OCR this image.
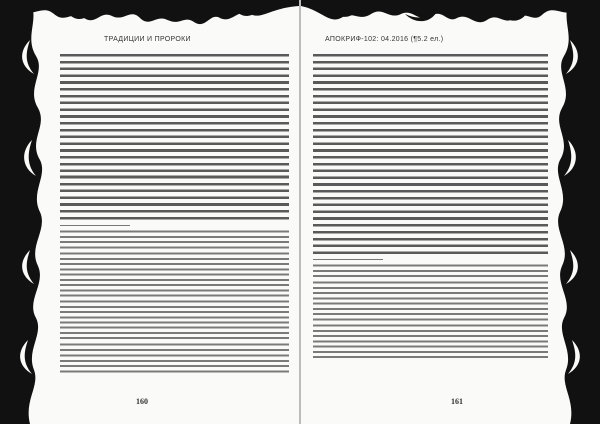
ТРАДИЦИИ И ПРОРОКИ

160
АПОКРИФ-102: 04.2016 (¶5.2 ел.)

161
